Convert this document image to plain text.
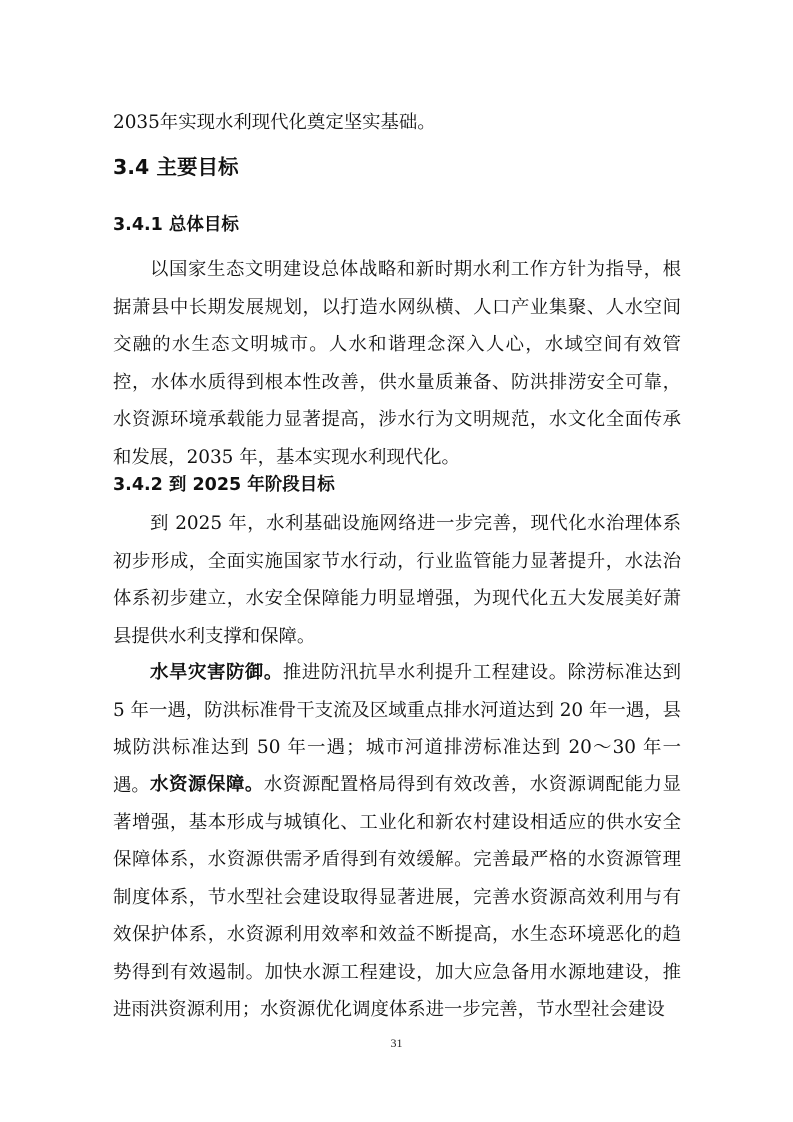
2035年实现水利现代化奠定坚实基础。

3.4 主要目标
3.4.1 总体目标

以国家生态文明建设总体战略和新时期水利工作方针为指导，根据萧县中长期发展规划，以打造水网纵横、人口产业集聚、人水空间交融的水生态文明城市。人水和谐理念深入人心，水域空间有效管控，水体水质得到根本性改善，供水量质兼备、防洪排涝安全可靠，水资源环境承载能力显著提高，涉水行为文明规范，水文化全面传承和发展，2035 年，基本实现水利现代化。

3.4.2 到 2025 年阶段目标

到 2025 年，水利基础设施网络进一步完善，现代化水治理体系初步形成，全面实施国家节水行动，行业监管能力显著提升，水法治体系初步建立，水安全保障能力明显增强，为现代化五大发展美好萧县提供水利支撑和保障。

水旱灾害防御。推进防汛抗旱水利提升工程建设。除涝标准达到 5 年一遇，防洪标准骨干支流及区域重点排水河道达到 20 年一遇，县城防洪标准达到 50 年一遇；城市河道排涝标准达到 20～30 年一遇。 水资源保障。水资源配置格局得到有效改善，水资源调配能力显著增强，基本形成与城镇化、工业化和新农村建设相适应的供水安全保障体系，水资源供需矛盾得到有效缓解。完善最严格的水资源管理制度体系，节水型社会建设取得显著进展，完善水资源高效利用与有效保护体系，水资源利用效率和效益不断提高，水生态环境恶化的趋势得到有效遏制。加快水源工程建设，加大应急备用水源地建设，推进雨洪资源利用；水资源优化调度体系进一步完善，节水型社会建设

31
